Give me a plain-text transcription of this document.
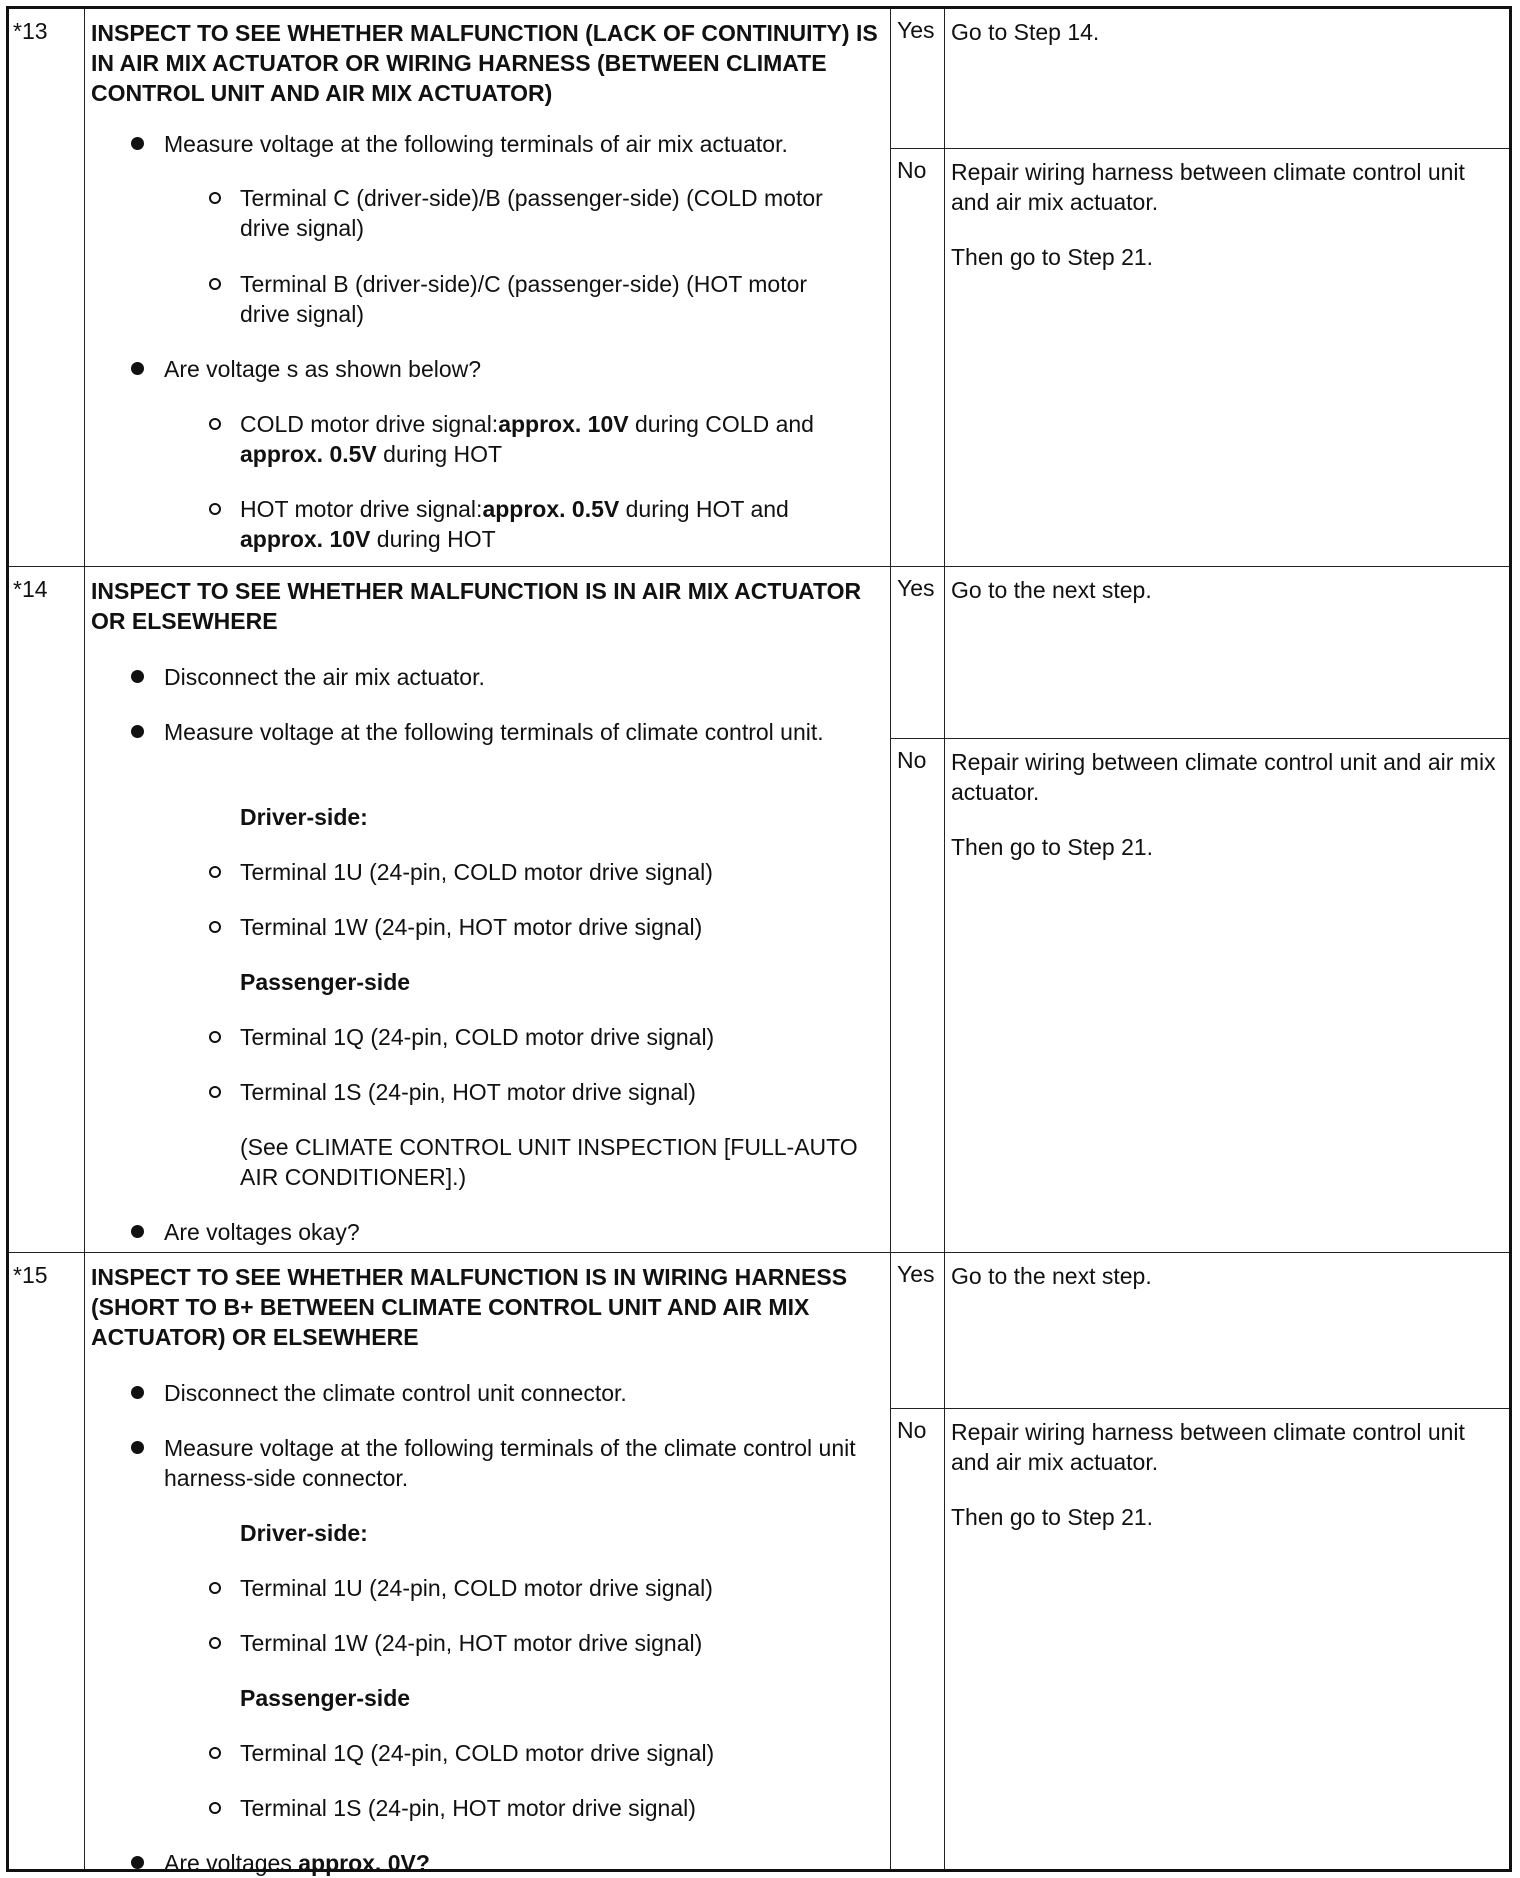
*13 INSPECT TO SEE WHETHER MALFUNCTION (LACK OF CONTINUITY) IS IN AIR MIX ACTUATOR OR WIRING HARNESS (BETWEEN CLIMATE CONTROL UNIT AND AIR MIX ACTUATOR)
Measure voltage at the following terminals of air mix actuator.
Terminal C (driver-side)/B (passenger-side) (COLD motor drive signal)
Terminal B (driver-side)/C (passenger-side) (HOT motor drive signal)
Are voltage s as shown below?
COLD motor drive signal:approx. 10V during COLD and approx. 0.5V during HOT
HOT motor drive signal:approx. 0.5V during HOT and approx. 10V during HOT
Yes Go to Step 14.

No	Repair wiring harness between climate control unit and air mix actuator.

Then go to Step 21.

*14 INSPECT TO SEE WHETHER MALFUNCTION IS IN AIR MIX ACTUATOR OR ELSEWHERE
Disconnect the air mix actuator.
Measure voltage at the following terminals of climate control unit.
Driver-side:
Terminal 1U (24-pin, COLD motor drive signal)
Terminal 1W (24-pin, HOT motor drive signal)
Passenger-side
Terminal 1Q (24-pin, COLD motor drive signal)
Terminal 1S (24-pin, HOT motor drive signal)
(See CLIMATE CONTROL UNIT INSPECTION [FULL-AUTO AIR CONDITIONER].)
Are voltages okay?
Yes Go to the next step.

No	Repair wiring between climate control unit and air mix actuator.

Then go to Step 21.

*15 INSPECT TO SEE WHETHER MALFUNCTION IS IN WIRING HARNESS (SHORT TO B+ BETWEEN CLIMATE CONTROL UNIT AND AIR MIX ACTUATOR) OR ELSEWHERE
Disconnect the climate control unit connector.
Measure voltage at the following terminals of the climate control unit harness-side connector.
Driver-side:
Terminal 1U (24-pin, COLD motor drive signal)
Terminal 1W (24-pin, HOT motor drive signal)
Passenger-side
Terminal 1Q (24-pin, COLD motor drive signal)
Terminal 1S (24-pin, HOT motor drive signal)
Are voltages approx. 0V?
Yes Go to the next step.

No	Repair wiring harness between climate control unit and air mix actuator.

Then go to Step 21.
